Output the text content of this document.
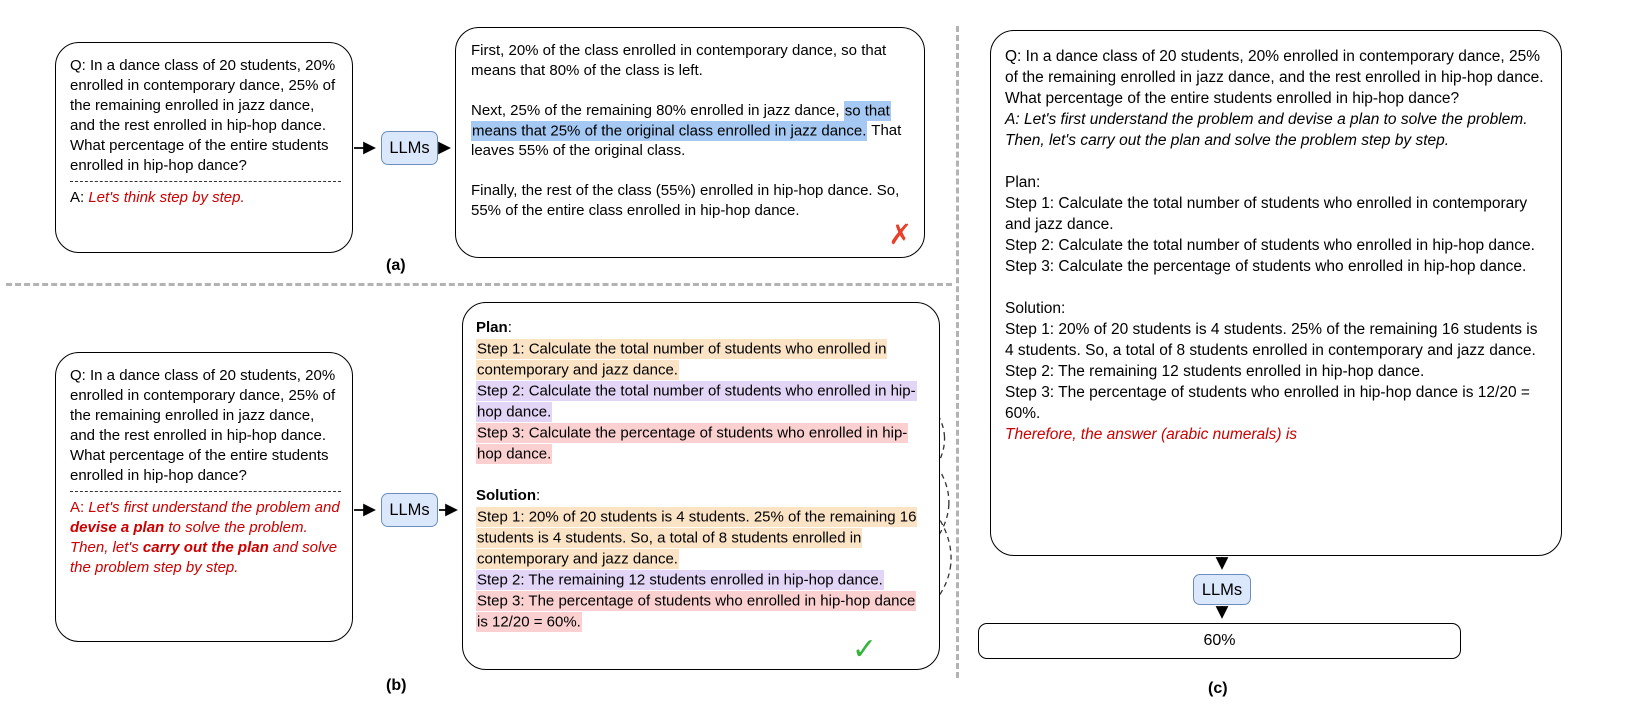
Q: In a dance class of 20 students, 20% enrolled in contemporary dance, 25% of the remaining enrolled in jazz dance, and the rest enrolled in hip-hop dance. What percentage of the entire students enrolled in hip-hop dance?
A: Let's think step by step.
LLMs
First, 20% of the class enrolled in contemporary dance, so that means that 80% of the class is left.
Next, 25% of the remaining 80% enrolled in jazz dance, so that means that 25% of the original class enrolled in jazz dance. That leaves 55% of the original class.
Finally, the rest of the class (55%) enrolled in hip-hop dance. So, 55% of the entire class enrolled in hip-hop dance.
✗
(a)
Q: In a dance class of 20 students, 20% enrolled in contemporary dance, 25% of the remaining enrolled in jazz dance, and the rest enrolled in hip-hop dance. What percentage of the entire students enrolled in hip-hop dance?
A: Let's first understand the problem and devise a plan to solve the problem.
Then, let's carry out the plan and solve the problem step by step.
LLMs
Plan:
Step 1: Calculate the total number of students who enrolled in contemporary and jazz dance.
Step 2: Calculate the total number of students who enrolled in hip-hop dance.
Step 3: Calculate the percentage of students who enrolled in hip-hop dance.
Solution:
Step 1: 20% of 20 students is 4 students. 25% of the remaining 16 students is 4 students. So, a total of 8 students enrolled in contemporary and jazz dance.
Step 2: The remaining 12 students enrolled in hip-hop dance.
Step 3: The percentage of students who enrolled in hip-hop dance is 12/20 = 60%.
✓
(b)
Q: In a dance class of 20 students, 20% enrolled in contemporary dance, 25% of the remaining enrolled in jazz dance, and the rest enrolled in hip-hop dance. What percentage of the entire students enrolled in hip-hop dance?
A: Let's first understand the problem and devise a plan to solve the problem.
Then, let's carry out the plan and solve the problem step by step.

Plan:
Step 1: Calculate the total number of students who enrolled in contemporary and jazz dance.
Step 2: Calculate the total number of students who enrolled in hip-hop dance.
Step 3: Calculate the percentage of students who enrolled in hip-hop dance.

Solution:
Step 1: 20% of 20 students is 4 students. 25% of the remaining 16 students is 4 students. So, a total of 8 students enrolled in contemporary and jazz dance.
Step 2: The remaining 12 students enrolled in hip-hop dance.
Step 3: The percentage of students who enrolled in hip-hop dance is 12/20 = 60%.
Therefore, the answer (arabic numerals) is
LLMs
60%
(c)
